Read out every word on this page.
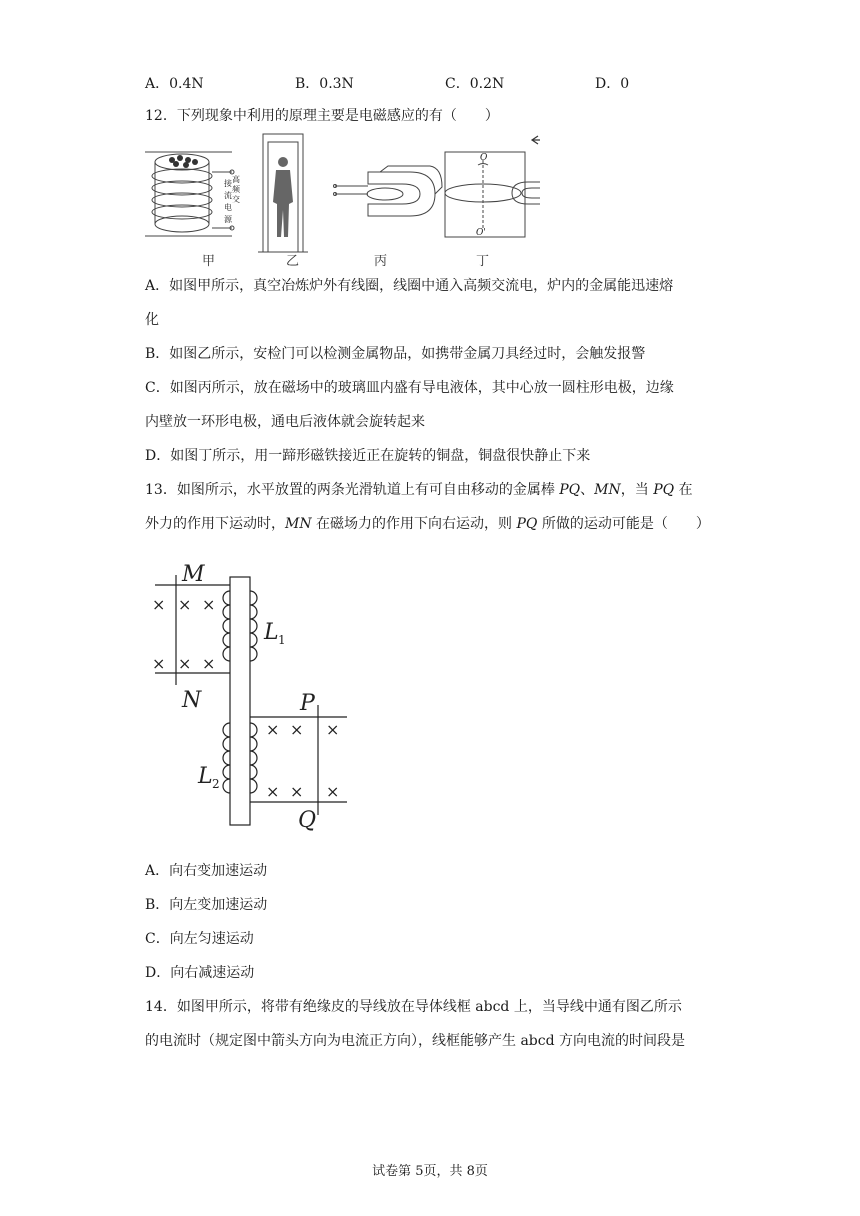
A．0.4N	B．0.3N	C．0.2N	D．0
12．下列现象中利用的原理主要是电磁感应的有（　　）
接 高
频
交
流
电
源
O
O'
甲	乙	丙	丁
A．如图甲所示，真空冶炼炉外有线圈，线圈中通入高频交流电，炉内的金属能迅速熔
化
B．如图乙所示，安检门可以检测金属物品，如携带金属刀具经过时，会触发报警
C．如图丙所示，放在磁场中的玻璃皿内盛有导电液体，其中心放一圆柱形电极，边缘
内壁放一环形电极，通电后液体就会旋转起来
D．如图丁所示，用一蹄形磁铁接近正在旋转的铜盘，铜盘很快静止下来
13．如图所示，水平放置的两条光滑轨道上有可自由移动的金属棒 PQ、MN，当 PQ 在
外力的作用下运动时，MN 在磁场力的作用下向右运动，则 PQ 所做的运动可能是（　　）
× × ×
× × ×
× × ×
× × ×
M
N	P
Q
L
L
1
2
A．向右变加速运动
B．向左变加速运动
C．向左匀速运动
D．向右减速运动
14．如图甲所示，将带有绝缘皮的导线放在导体线框 abcd 上，当导线中通有图乙所示
的电流时（规定图中箭头方向为电流正方向），线框能够产生 abcd 方向电流的时间段是
试卷第 5页，共 8页
